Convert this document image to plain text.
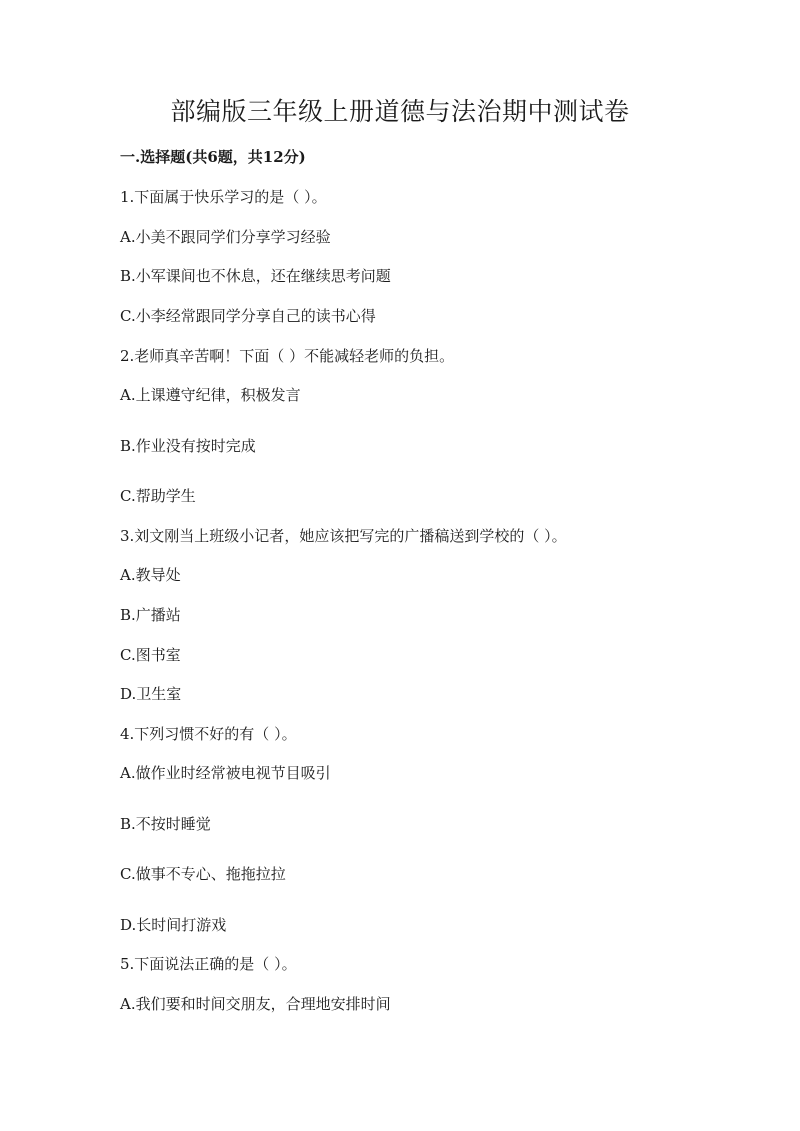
部编版三年级上册道德与法治期中测试卷
一.选择题(共6题，共12分)
1.下面属于快乐学习的是（ ）。
A.小美不跟同学们分享学习经验
B.小军课间也不休息，还在继续思考问题
C.小李经常跟同学分享自己的读书心得
2.老师真辛苦啊！下面（ ）不能减轻老师的负担。
A.上课遵守纪律，积极发言
B.作业没有按时完成
C.帮助学生
3.刘文刚当上班级小记者，她应该把写完的广播稿送到学校的（ ）。
A.教导处
B.广播站
C.图书室
D.卫生室
4.下列习惯不好的有（ ）。
A.做作业时经常被电视节目吸引
B.不按时睡觉
C.做事不专心、拖拖拉拉
D.长时间打游戏
5.下面说法正确的是（ ）。
A.我们要和时间交朋友，合理地安排时间
